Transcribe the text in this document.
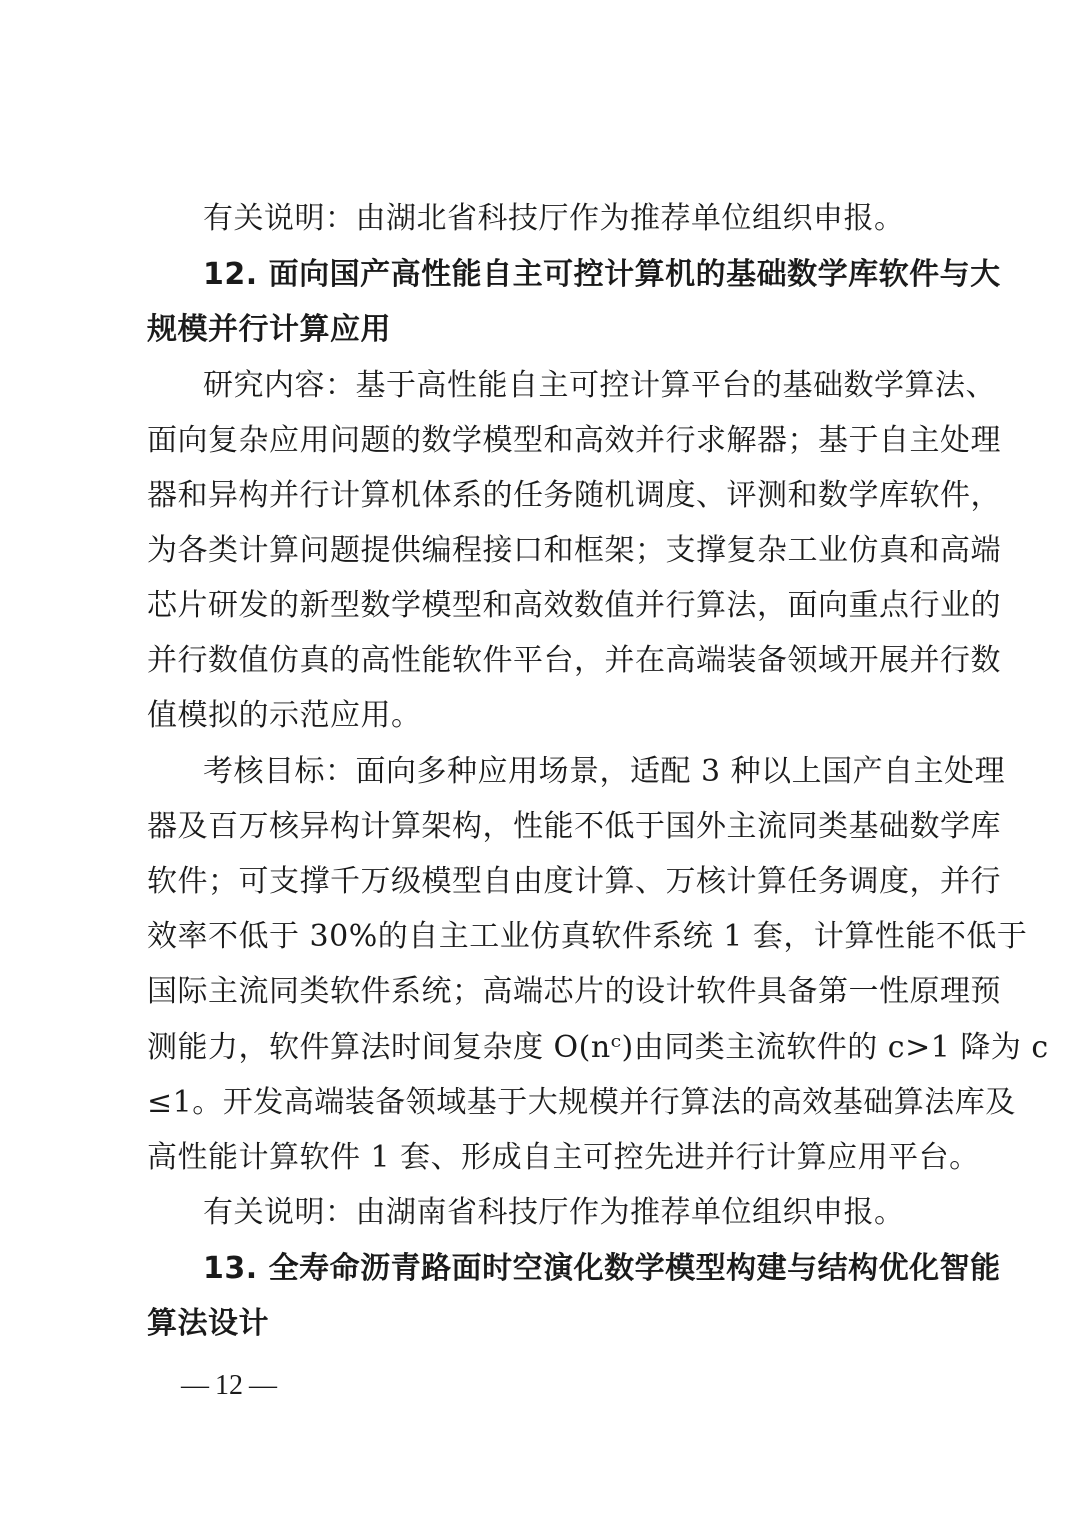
有关说明：由湖北省科技厅作为推荐单位组织申报。
12. 面向国产高性能自主可控计算机的基础数学库软件与大
规模并行计算应用
研究内容：基于高性能自主可控计算平台的基础数学算法、
面向复杂应用问题的数学模型和高效并行求解器；基于自主处理
器和异构并行计算机体系的任务随机调度、评测和数学库软件，
为各类计算问题提供编程接口和框架；支撑复杂工业仿真和高端
芯片研发的新型数学模型和高效数值并行算法，面向重点行业的
并行数值仿真的高性能软件平台，并在高端装备领域开展并行数
值模拟的示范应用。
考核目标：面向多种应用场景，适配 3 种以上国产自主处理
器及百万核异构计算架构，性能不低于国外主流同类基础数学库
软件；可支撑千万级模型自由度计算、万核计算任务调度，并行
效率不低于 30%的自主工业仿真软件系统 1 套，计算性能不低于
国际主流同类软件系统；高端芯片的设计软件具备第一性原理预
测能力，软件算法时间复杂度 O(nᶜ)由同类主流软件的 c>1 降为 c
≤1。开发高端装备领域基于大规模并行算法的高效基础算法库及
高性能计算软件 1 套、形成自主可控先进并行计算应用平台。
有关说明：由湖南省科技厅作为推荐单位组织申报。
13. 全寿命沥青路面时空演化数学模型构建与结构优化智能
算法设计
— 12 —
